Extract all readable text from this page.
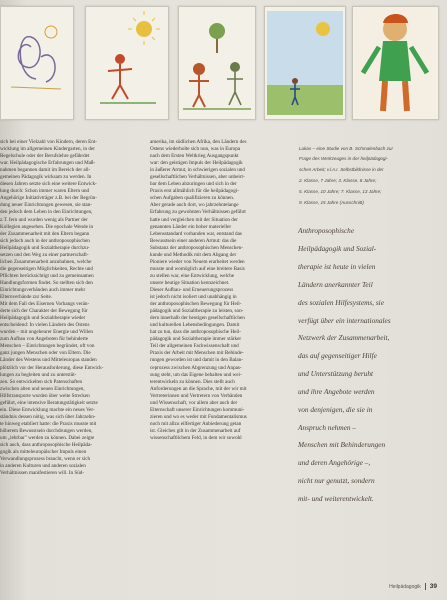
sich bei einer Vielzahl von Kindern, deren Ent-

wicklung im allgemeinen Kindergarten, in der

Regelschule oder der Berufslehre gefährdet

war. Heilpädagogische Erfahrungen und Maß-

nahmen begannen damit im Bereich der all-

gemeinen Pädagogik wirksam zu werden. In

diesen Jahren setzte sich eine weitere Entwick-

lung durch: Schon immer waren Eltern und

Angehörige Initiativträger z.B. bei der Begrün-

dung neuer Einrichtungen gewesen, sie stan-

den jedoch dem Leben in den Einrichtungen,

z.T. fern und wurden wenig als Partner der

Kollegien angesehen. Die epochale Wende in

der Zusammenarbeit mit den Eltern begann

sich jedoch auch in der anthroposophischen

Heilpädagogik und Sozialtherapie durchzu-

setzen und den Weg zu einer partnerschaft-

lichen Zusammenarbeit anzubahnen, welche

die gegenseitigen Möglichkeiten, Rechte und

Pflichten berücksichtigt und zu gemeinsamen

Handlungsformen findet. So stellten sich den

Einrichtungsverbänden auch immer mehr

Elternverbände zur Seite.

Mit dem Fall des Eisernen Vorhangs verän-

derte sich der Charakter der Bewegung für

Heilpädagogik und Sozialtherapie wieder

entscheidend: In vielen Ländern des Ostens

wurden – mit ungeheurer Energie und Willen

zum Aufbau von Angeboten für behinderte

Menschen – Einrichtungen begründet, oft von

ganz jungen Menschen oder von Eltern. Die

Länder des Westens und Mitteleuropas standen

plötzlich vor der Herausforderung, diese Entwick-

lungen zu begleiten und zu unterstüt-

zen. So entwickelten sich Patenschaften

zwischen alten und neuen Einrichtungen,

Hilfstransporte wurden über weite Strecken

geführt, eine intensive Beratungstätigkeit setzte

ein. Diese Entwicklung machte ein neues Ver-

ständnis dessen nötig, was sich über Jahrzehn-

te hinweg etabliert hatte: die Praxis musste mit

höherem Bewusstsein durchdrungen werden,

um „lehrbar" werden zu können. Dabei zeigte

sich auch, dass anthroposophische Heilpäda-

gogik als mitteleuropäischer Impuls einen

Verwandlungsprozess braucht, wenn er sich

in anderen Kulturen und anderen sozialen

Verhältnissen manifestieren will. In Süd-

amerika, im südlichen Afrika, den Ländern des

Ostens wiederholte sich nun, was in Europa

nach dem Ersten Weltkrieg Ausgangspunkt

war: den geistigen Impuls der Heilpädagogik

in äußerer Armut, in schwierigen sozialen und

gesellschaftlichen Verhältnissen, aber unbeirr-

bar dem Leben abzuringen und sich in der

Praxis erst allmählich für die heilpädagogi-

schen Aufgaben qualifizieren zu können.

Aber gerade auch dort, wo jahrzehntelange

Erfahrung zu gewohnten Verhältnissen geführt

hatte und vergleichen mit der Situation der

genannten Länder ein hoher materieller

Lebensstandard vorhanden war, entstand das

Bewusstsein einer anderen Armut: das die

Substanz der anthroposophischen Menschen-

kunde und Methodik mit dem Abgang der

Pioniere wieder von Neuem erarbeitet werden

musste und womöglich auf eine breitere Basis

zu stellen war, eine Entwicklung, welche

unsere heutige Situation kennzeichnet.

Dieser Aufbau- und Erneuerungsprozess

ist jedoch nicht isoliert und unabhängig in

der anthroposophischen Bewegung für Heil-

pädagogik und Sozialtherapie zu leisten, son-

dern innerhalb der heutigen gesellschaftlichen

und kulturellen Lebensbedingungen. Damit

hat zu tun, dass die anthroposophische Heil-

pädagogik und Sozialtherapie immer stärker

Teil der allgemeinen Fachwissenschaft und

Praxis der Arbeit mit Menschen mit Behinde-

rungen geworden ist und damit in den Balan-

ceprozess zwischen Abgrenzung und Anpas-

sung steht, um das Eigene behalten und wei-

terentwickeln zu können. Dies stellt auch

Anforderungen an die Sprache, mit der wir mit

Vertreterinnen und Vertretern von Verbänden

und Wissenschaft, vor allem aber auch der

Elternschaft unserer Einrichtungen kommuni-

zieren und wo es weder mit Fundamentalismus

noch mit allzu eilfertiger Anbiederung getan

ist. Gleiches gilt in der Zusammenarbeit auf

wissenschaftlichem Feld, in dem wir sowohl

Lukas – eine Studie von B. Schmalenbach zur

Frage des Werkzeuges in der heilpädagogi-

schen Arbeit; v.l.n.r. Selbstbildnisse in der

2. Klasse, 7 Jahre; 3. Klasse, 8 Jahre;

5. Klasse, 10 Jahre; 7. Klasse, 13 Jahre;

9. Klasse, 15 Jahre (Ausschnitt)

Anthroposophische

Heilpädagogik und Sozial-

therapie ist heute in vielen

Ländern anerkannter Teil

des sozialen Hilfesystems, sie

verfügt über ein internationales

Netzwerk der Zusammenarbeit,

das auf gegenseitiger Hilfe

und Unterstützung beruht

und ihre Angebote werden

von denjenigen, die sie in

Anspruch nehmen –

Menschen mit Behinderungen

und deren Angehörige –,

nicht nur genutzt, sondern

mit- und weiterentwickelt.

Heilpädagogik 39
